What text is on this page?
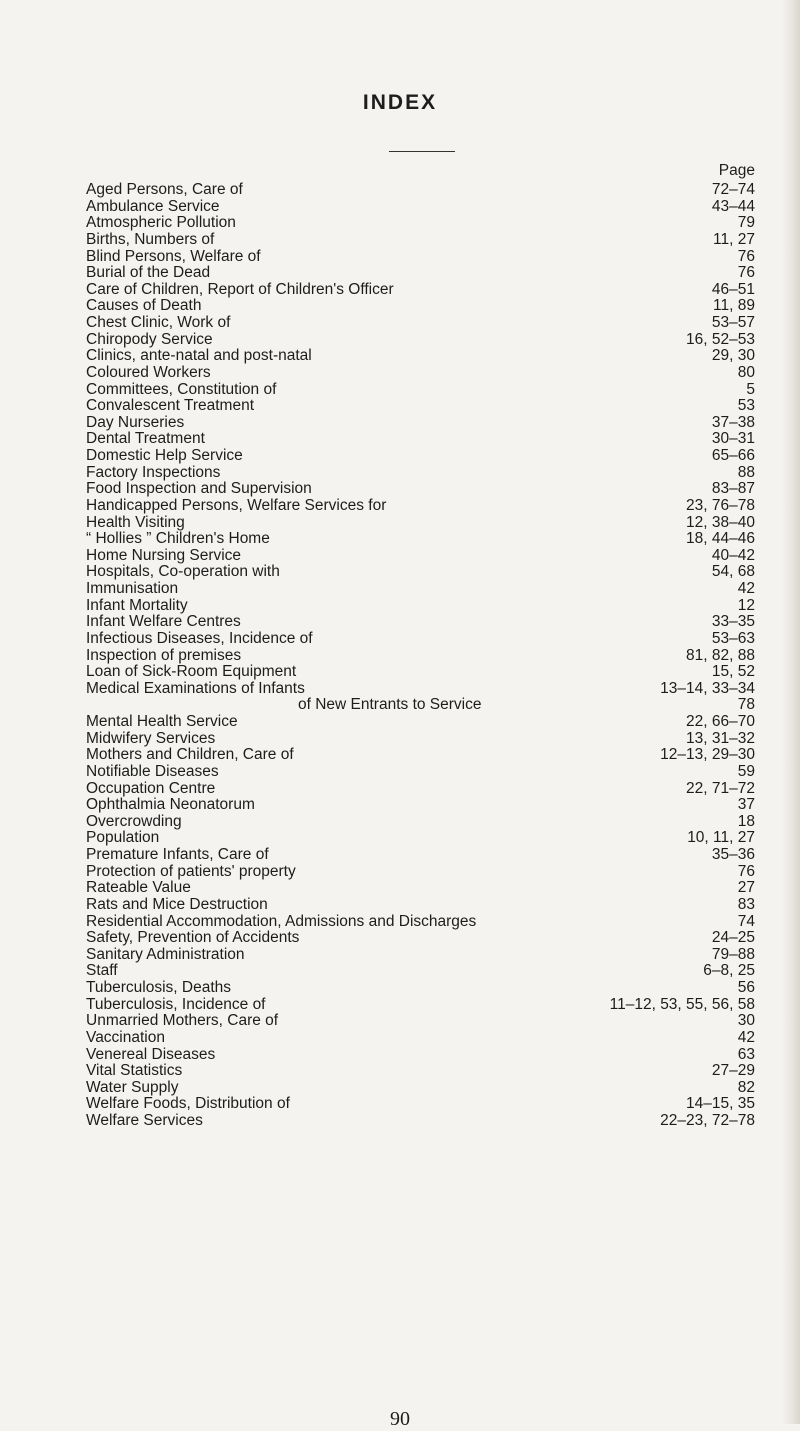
INDEX
Page
Aged Persons, Care of	72–74
Ambulance Service	43–44
Atmospheric Pollution	79
Births, Numbers of	11, 27
Blind Persons, Welfare of	76
Burial of the Dead	76
Care of Children, Report of Children's Officer	46–51
Causes of Death	11, 89
Chest Clinic, Work of	53–57
Chiropody Service	16, 52–53
Clinics, ante-natal and post-natal	29, 30
Coloured Workers	80
Committees, Constitution of	5
Convalescent Treatment	53
Day Nurseries	37–38
Dental Treatment	30–31
Domestic Help Service	65–66
Factory Inspections	88
Food Inspection and Supervision	83–87
Handicapped Persons, Welfare Services for	23, 76–78
Health Visiting	12, 38–40
“ Hollies ” Children's Home	18, 44–46
Home Nursing Service	40–42
Hospitals, Co-operation with	54, 68
Immunisation	42
Infant Mortality	12
Infant Welfare Centres	33–35
Infectious Diseases, Incidence of	53–63
Inspection of premises	81, 82, 88
Loan of Sick-Room Equipment	15, 52
Medical Examinations of Infants	13–14, 33–34
of New Entrants to Service	78
Mental Health Service	22, 66–70
Midwifery Services	13, 31–32
Mothers and Children, Care of	12–13, 29–30
Notifiable Diseases	59
Occupation Centre	22, 71–72
Ophthalmia Neonatorum	37
Overcrowding	18
Population	10, 11, 27
Premature Infants, Care of	35–36
Protection of patients' property	76
Rateable Value	27
Rats and Mice Destruction	83
Residential Accommodation, Admissions and Discharges	74
Safety, Prevention of Accidents	24–25
Sanitary Administration	79–88
Staff	6–8, 25
Tuberculosis, Deaths	56
Tuberculosis, Incidence of	11–12, 53, 55, 56, 58
Unmarried Mothers, Care of	30
Vaccination	42
Venereal Diseases	63
Vital Statistics	27–29
Water Supply	82
Welfare Foods, Distribution of	14–15, 35
Welfare Services	22–23, 72–78
90
